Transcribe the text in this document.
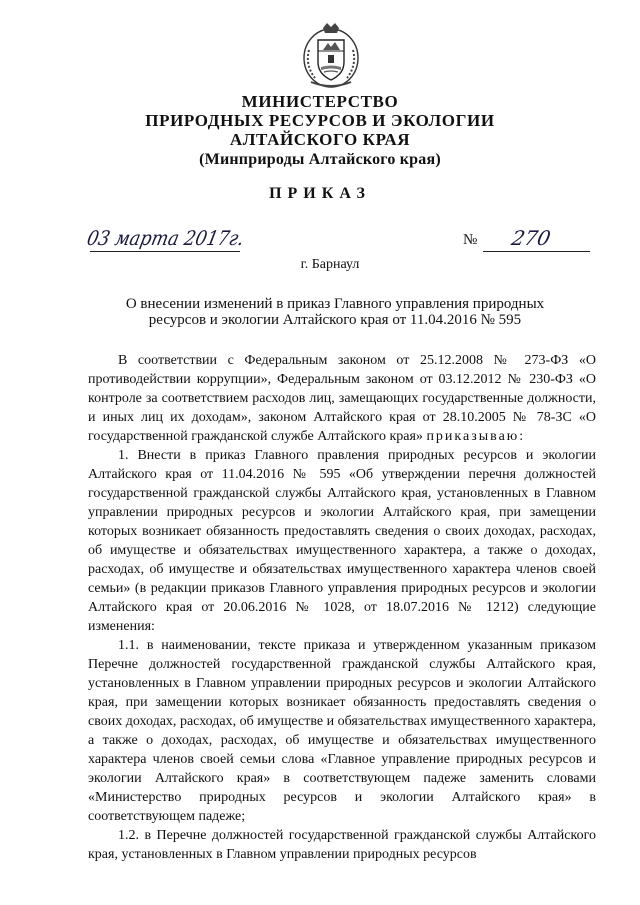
МИНИСТЕРСТВО
ПРИРОДНЫХ РЕСУРСОВ И ЭКОЛОГИИ
АЛТАЙСКОГО КРАЯ
(Минприроды Алтайского края)
ПРИКАЗ
03 марта 2017г.	№ 270
г. Барнаул
О внесении изменений в приказ Главного управления природных
ресурсов и экологии Алтайского края от 11.04.2016 № 595

В соответствии с Федеральным законом от 25.12.2008 № 273-ФЗ «О противодействии коррупции», Федеральным законом от 03.12.2012 № 230-ФЗ «О контроле за соответствием расходов лиц, замещающих государственные должности, и иных лиц их доходам», законом Алтайского края от 28.10.2005 № 78-ЗС «О государственной гражданской службе Алтайского края» приказываю:

1. Внести в приказ Главного правления природных ресурсов и экологии Алтайского края от 11.04.2016 № 595 «Об утверждении перечня должностей государственной гражданской службы Алтайского края, установленных в Главном управлении природных ресурсов и экологии Алтайского края, при замещении которых возникает обязанность предоставлять сведения о своих доходах, расходах, об имуществе и обязательствах имущественного характера, а также о доходах, расходах, об имуществе и обязательствах имущественного характера членов своей семьи» (в редакции приказов Главного управления природных ресурсов и экологии Алтайского края от 20.06.2016 № 1028, от 18.07.2016 № 1212) следующие изменения:

1.1. в наименовании, тексте приказа и утвержденном указанным приказом Перечне должностей государственной гражданской службы Алтайского края, установленных в Главном управлении природных ресурсов и экологии Алтайского края, при замещении которых возникает обязанность предоставлять сведения о своих доходах, расходах, об имуществе и обязательствах имущественного характера, а также о доходах, расходах, об имуществе и обязательствах имущественного характера членов своей семьи слова «Главное управление природных ресурсов и экологии Алтайского края» в соответствующем падеже заменить словами «Министерство природных ресурсов и экологии Алтайского края» в соответствующем падеже;

1.2. в Перечне должностей государственной гражданской службы Алтайского края, установленных в Главном управлении природных ресурсов
